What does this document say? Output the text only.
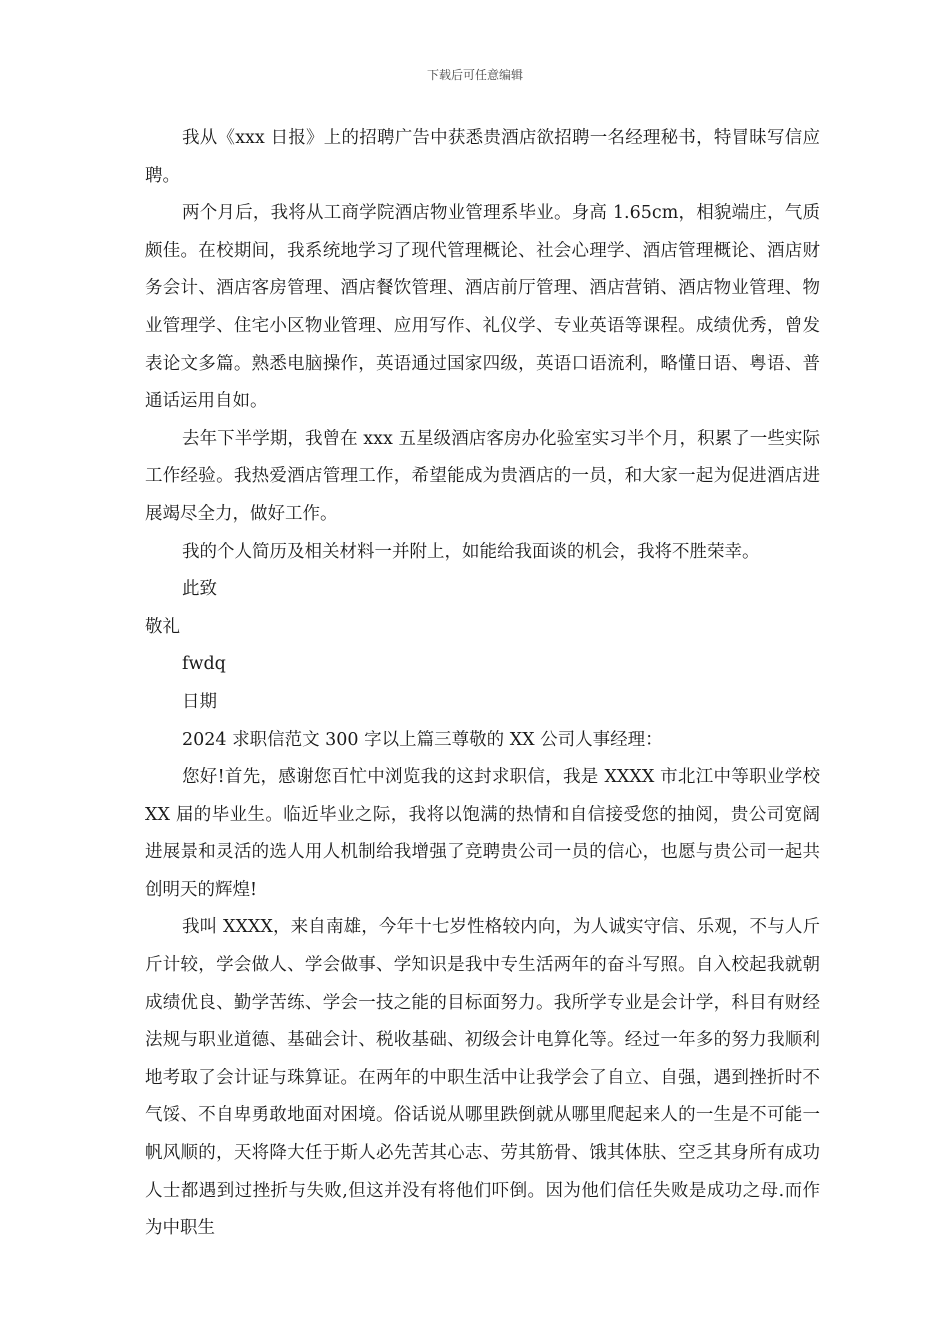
下载后可任意编辑

我从《xxx 日报》上的招聘广告中获悉贵酒店欲招聘一名经理秘书，特冒昧写信应聘。

两个月后，我将从工商学院酒店物业管理系毕业。身高 1.65cm，相貌端庄，气质颇佳。在校期间，我系统地学习了现代管理概论、社会心理学、酒店管理概论、酒店财务会计、酒店客房管理、酒店餐饮管理、酒店前厅管理、酒店营销、酒店物业管理、物业管理学、住宅小区物业管理、应用写作、礼仪学、专业英语等课程。成绩优秀，曾发表论文多篇。熟悉电脑操作，英语通过国家四级，英语口语流利，略懂日语、粤语、普通话运用自如。

去年下半学期，我曾在 xxx 五星级酒店客房办化验室实习半个月，积累了一些实际工作经验。我热爱酒店管理工作，希望能成为贵酒店的一员，和大家一起为促进酒店进展竭尽全力，做好工作。

我的个人简历及相关材料一并附上，如能给我面谈的机会，我将不胜荣幸。

此致

敬礼

fwdq

日期

2024 求职信范文 300 字以上篇三尊敬的 XX 公司人事经理：

您好!首先，感谢您百忙中浏览我的这封求职信，我是 XXXX 市北江中等职业学校 XX 届的毕业生。临近毕业之际，我将以饱满的热情和自信接受您的抽阅，贵公司宽阔进展景和灵活的选人用人机制给我增强了竞聘贵公司一员的信心，也愿与贵公司一起共创明天的辉煌!

我叫 XXXX，来自南雄，今年十七岁性格较内向，为人诚实守信、乐观，不与人斤斤计较，学会做人、学会做事、学知识是我中专生活两年的奋斗写照。自入校起我就朝成绩优良、勤学苦练、学会一技之能的目标面努力。我所学专业是会计学，科目有财经法规与职业道德、基础会计、税收基础、初级会计电算化等。经过一年多的努力我顺利地考取了会计证与珠算证。在两年的中职生活中让我学会了自立、自强，遇到挫折时不气馁、不自卑勇敢地面对困境。俗话说从哪里跌倒就从哪里爬起来人的一生是不可能一帆风顺的，天将降大任于斯人必先苦其心志、劳其筋骨、饿其体肤、空乏其身所有成功人士都遇到过挫折与失败,但这并没有将他们吓倒。因为他们信任失败是成功之母.而作为中职生
